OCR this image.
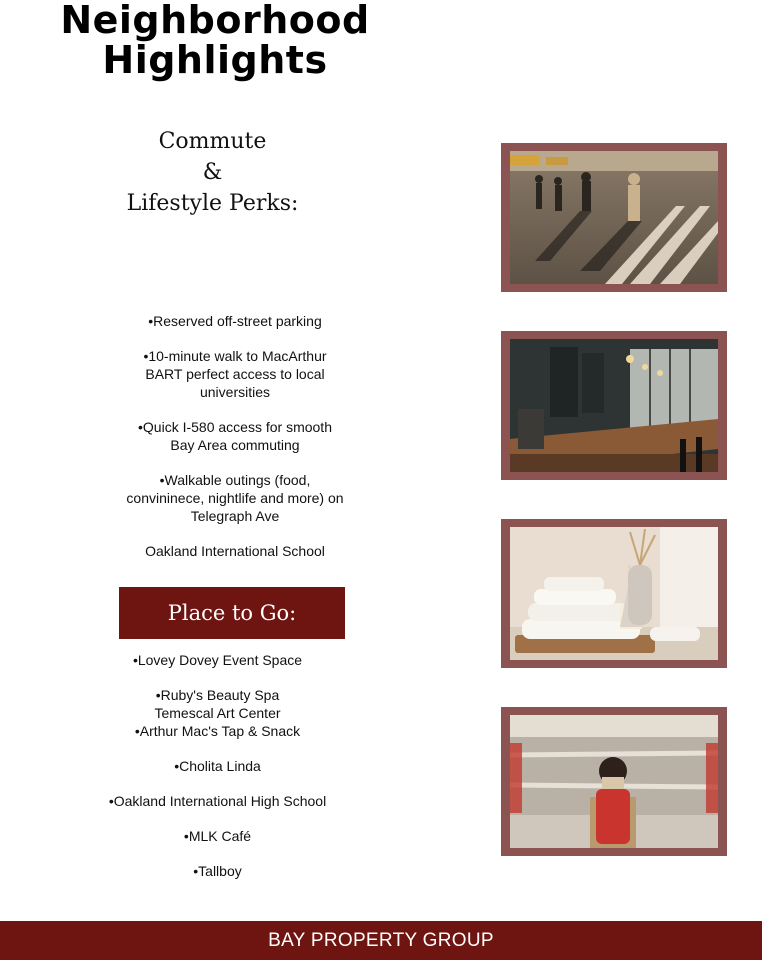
Neighborhood
Highlights
Commute
&
Lifestyle Perks:

•Reserved off-street parking

•10-minute walk to MacArthur
BART perfect access to local
universities

•Quick I-580 access for smooth
Bay Area commuting

•Walkable outings (food,
convininece, nightlife and more) on
Telegraph Ave

Oakland International School

Place to Go:

•Lovey Dovey Event Space

•Ruby's Beauty Spa
Temescal Art Center
•Arthur Mac's Tap & Snack

•Cholita Linda

•Oakland International High School

•MLK Café

•Tallboy

BAY PROPERTY GROUP
